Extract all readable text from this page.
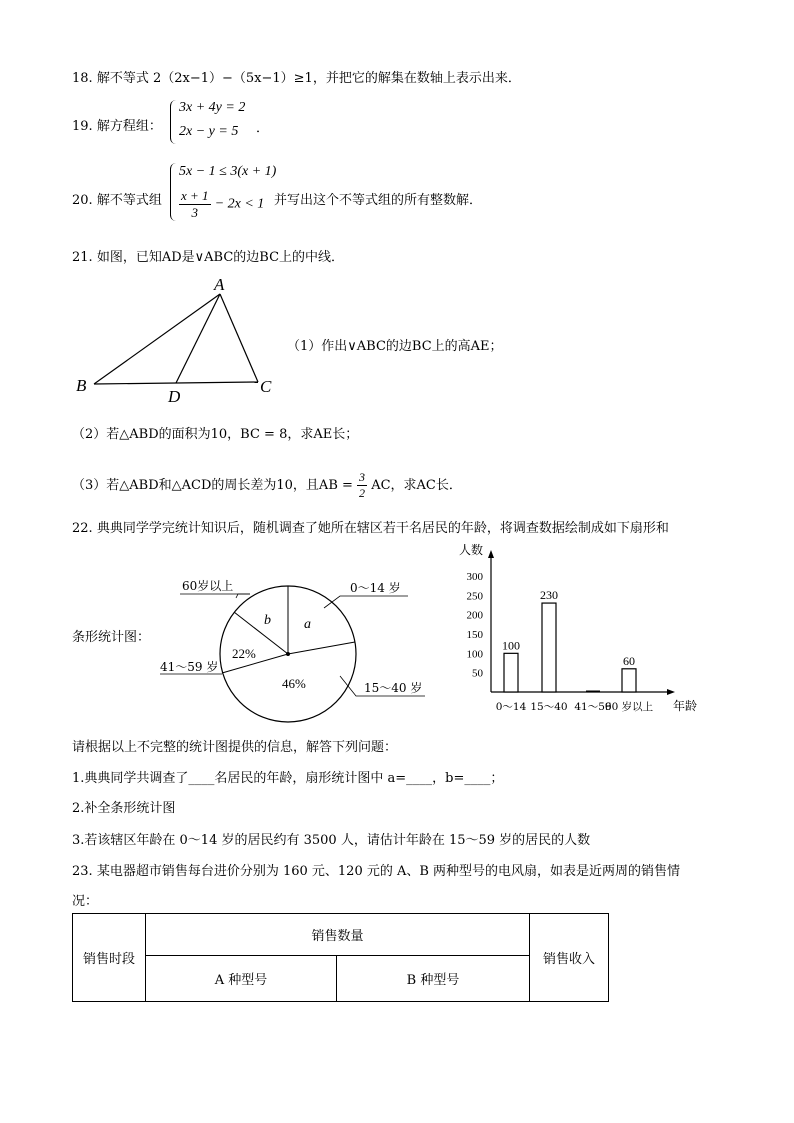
18. 解不等式 2（2x−1）−（5x−1）≥1，并把它的解集在数轴上表示出来．
19. 解方程组：
3x + 4y = 2
2x − y = 5 ．
20. 解不等式组
5x − 1 ≤ 3(x + 1)
$\frac{x + 1}{3} - 2x < 1$ 并写出这个不等式组的所有整数解．
21. 如图，已知AD是∨ABC的边BC上的中线．
A
B	C
D
（1）作出∨ABC的边BC上的高AE；
（2）若△ABD的面积为10，BC = 8，求AE长；
（3）若△ABD和△ACD的周长差为10，且AB = $\frac{3}{2}$ AC，求AC长．
22. 典典同学学完统计知识后，随机调查了她所在辖区若干名居民的年龄，将调查数据绘制成如下扇形和
条形统计图：
60岁以上	0～14 岁
41～59 岁
15～40 岁
b a
22%
46%
人数
年龄
300
250
200
150
100
50
100
230
60
0～14 15～40 41～59
60 岁以上
请根据以上不完整的统计图提供的信息，解答下列问题：
1.典典同学共调查了____名居民的年龄，扇形统计图中 a=____，b=____；
2.补全条形统计图
3.若该辖区年龄在 0～14 岁的居民约有 3500 人，请估计年龄在 15～59 岁的居民的人数
23. 某电器超市销售每台进价分别为 160 元、120 元的 A、B 两种型号的电风扇，如表是近两周的销售情
况：
销售时段	销售数量		销售收入
	A 种型号	B 种型号	
